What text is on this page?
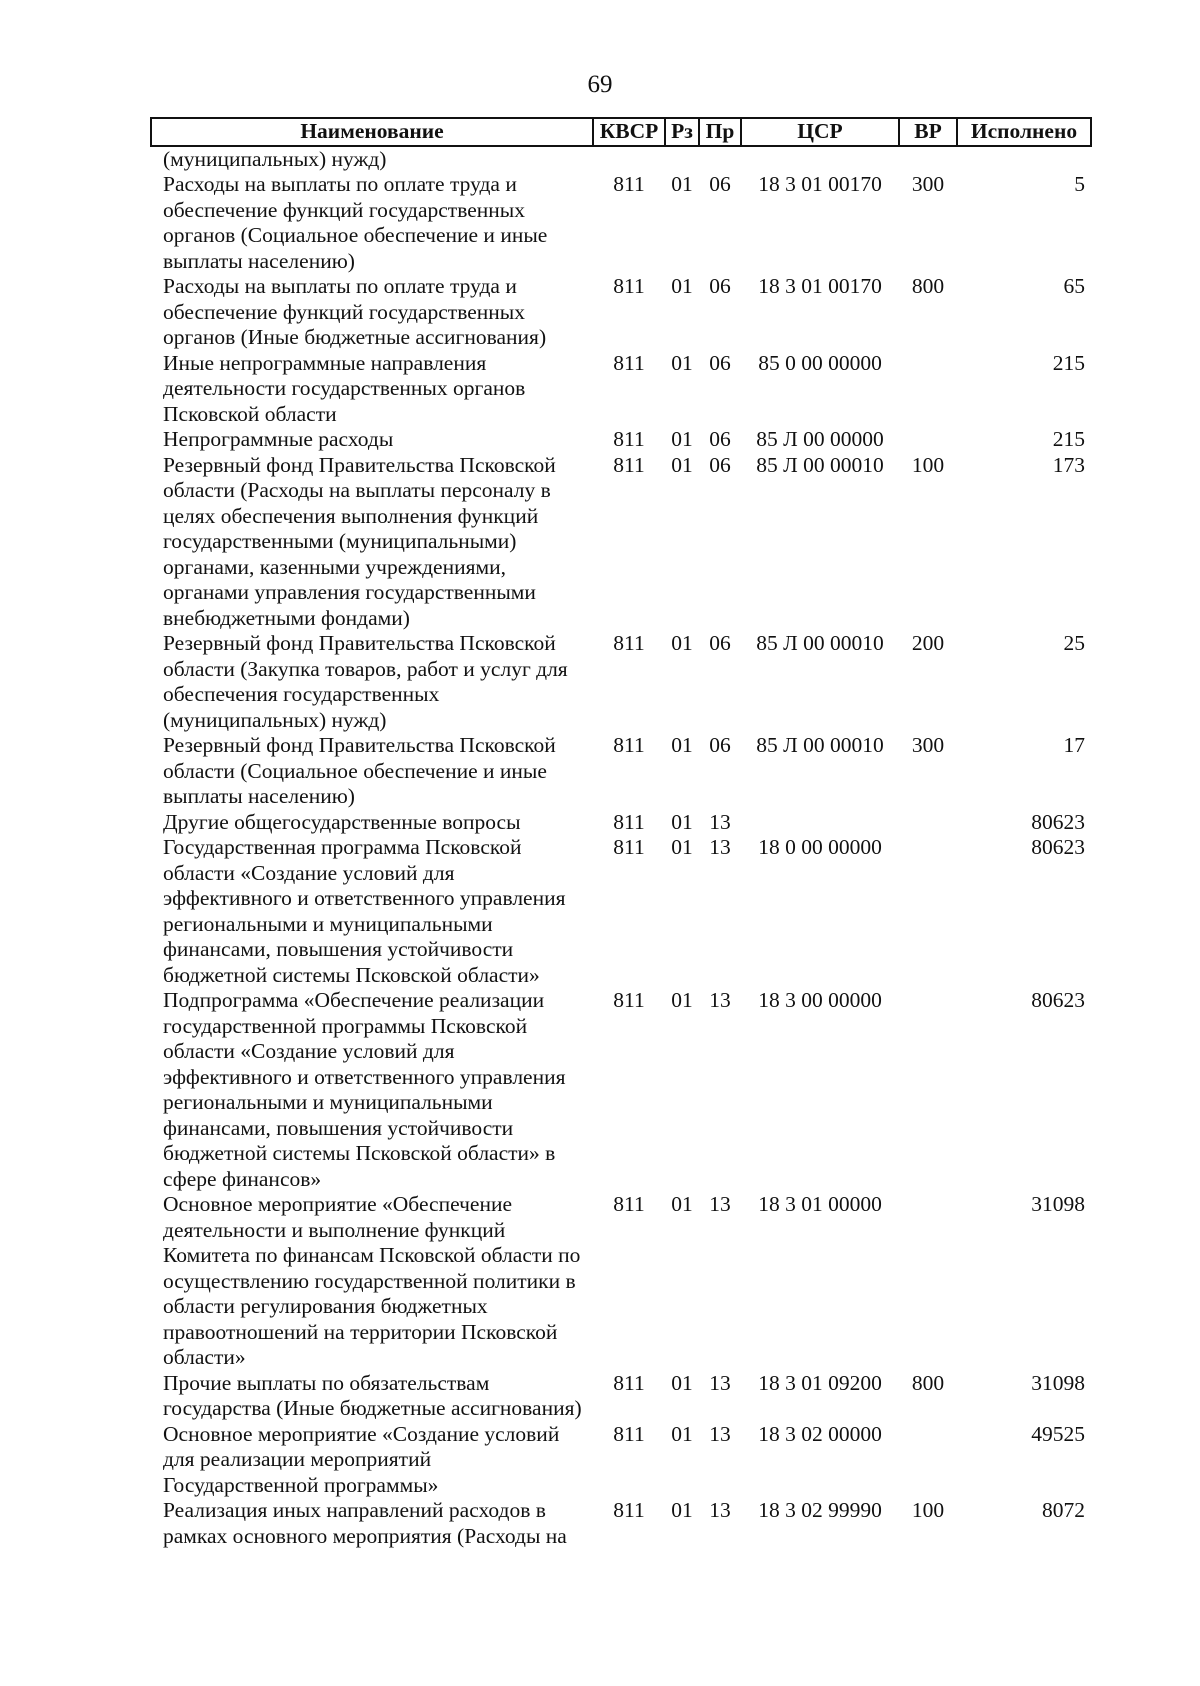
69
Наименование	КВСР	Рз	Пр	ЦСР	ВР	Исполнено
(муниципальных) нужд)						
Расходы на выплаты по оплате труда и обеспечение функций государственных органов (Социальное обеспечение и иные выплаты населению)	811	01	06	18 3 01 00170	300	5
Расходы на выплаты по оплате труда и обеспечение функций государственных органов (Иные бюджетные ассигнования)	811	01	06	18 3 01 00170	800	65
Иные непрограммные направления деятельности государственных органов Псковской области	811	01	06	85 0 00 00000		215
Непрограммные расходы	811	01	06	85 Л 00 00000		215
Резервный фонд Правительства Псковской области (Расходы на выплаты персоналу в целях обеспечения выполнения функций государственными (муниципальными) органами, казенными учреждениями, органами управления государственными внебюджетными фондами)	811	01	06	85 Л 00 00010	100	173
Резервный фонд Правительства Псковской области (Закупка товаров, работ и услуг для обеспечения государственных (муниципальных) нужд)	811	01	06	85 Л 00 00010	200	25
Резервный фонд Правительства Псковской области (Социальное обеспечение и иные выплаты населению)	811	01	06	85 Л 00 00010	300	17
Другие общегосударственные вопросы	811	01	13			80623
Государственная программа Псковской области «Создание условий для эффективного и ответственного управления региональными и муниципальными финансами, повышения устойчивости бюджетной системы Псковской области»	811	01	13	18 0 00 00000		80623
Подпрограмма «Обеспечение реализации государственной программы Псковской области «Создание условий для эффективного и ответственного управления региональными и муниципальными финансами, повышения устойчивости бюджетной системы Псковской области» в сфере финансов»	811	01	13	18 3 00 00000		80623
Основное мероприятие «Обеспечение деятельности и выполнение функций Комитета по финансам Псковской области по осуществлению государственной политики в области регулирования бюджетных правоотношений на территории Псковской области»	811	01	13	18 3 01 00000		31098
Прочие выплаты по обязательствам государства (Иные бюджетные ассигнования)	811	01	13	18 3 01 09200	800	31098
Основное мероприятие «Создание условий для реализации мероприятий Государственной программы»	811	01	13	18 3 02 00000		49525
Реализация иных направлений расходов в рамках основного мероприятия (Расходы на	811	01	13	18 3 02 99990	100	8072
